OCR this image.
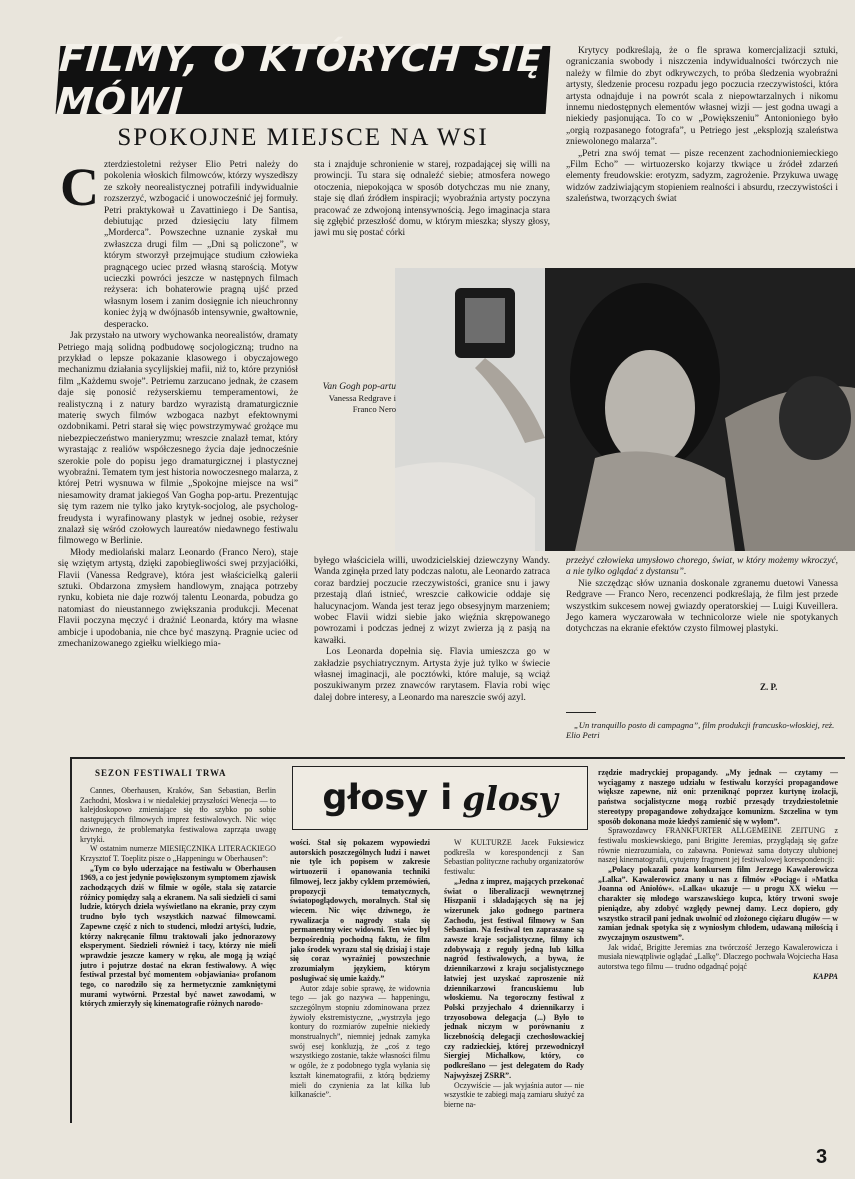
FILMY, O KTÓRYCH SIĘ MÓWI
SPOKOJNE MIEJSCE NA WSI
C zterdziestoletni reżyser Elio Petri należy do pokolenia włoskich filmowców, którzy wyszedłszy ze szkoły neorealistycznej potrafili indywidualnie rozszerzyć, wzbogacić i unowocześnić jej formuły. Petri praktykował u Zavattiniego i De Santisa, debiutując przed dziesięciu laty filmem „Morderca”. Powszechne uznanie zyskał mu zwłaszcza drugi film — „Dni są policzone”, w którym stworzył przejmujące studium człowieka pragnącego uciec przed własną starością. Motyw ucieczki powróci jeszcze w następnych filmach reżysera: ich bohaterowie pragną ujść przed własnym losem i zanim dosięgnie ich nieuchronny koniec żyją w dwójnasób intensywnie, gwałtownie, desperacko.

Jak przystało na utwory wychowanka neorealistów, dramaty Petriego mają solidną podbudowę socjologiczną; trudno na przykład o lepsze pokazanie klasowego i obyczajowego mechanizmu działania sycylijskiej mafii, niż to, które przyniósł film „Każdemu swoje”. Petriemu zarzucano jednak, że czasem daje się ponosić reżyserskiemu temperamentowi, że realistyczną i z natury bardzo wyrazistą dramaturgicznie materię swych filmów wzbogaca nazbyt efektownymi ozdobnikami. Petri starał się więc powstrzymywać grożące mu niebezpieczeństwo manieryzmu; wreszcie znalazł temat, który wyrastając z realiów współczesnego życia daje jednocześnie szerokie pole do popisu jego dramaturgicznej i plastycznej wyobraźni. Tematem tym jest historia nowoczesnego malarza, z której Petri wysnuwa w filmie „Spokojne miejsce na wsi” niesamowity dramat jakiegoś Van Gogha pop-artu. Prezentując się tym razem nie tylko jako krytyk-socjolog, ale psycholog-freudysta i wyrafinowany plastyk w jednej osobie, reżyser znalazł się wśród czołowych laureatów niedawnego festiwalu filmowego w Berlinie.

Młody mediolański malarz Leonardo (Franco Nero), staje się wziętym artystą, dzięki zapobiegliwości swej przyjaciółki, Flavii (Vanessa Redgrave), która jest właścicielką galerii sztuki. Obdarzona zmysłem handlowym, znająca potrzeby rynku, kobieta nie daje rozwój talentu Leonarda, pobudza go natomiast do nieustannego zwiększania produkcji. Mecenat Flavii poczyna męczyć i drażnić Leonarda, który ma własne ambicje i upodobania, nie chce być maszyną. Pragnie uciec od zmechanizowanego zgiełku wielkiego mia-

sta i znajduje schronienie w starej, rozpadającej się willi na prowincji. Tu stara się odnaleźć siebie; atmosfera nowego otoczenia, niepokojąca w sposób dotychczas mu nie znany, staje się dlań źródłem inspiracji; wyobraźnia artysty poczyna pracować ze zdwojoną intensywnością. Jego imaginacja stara się zgłębić przeszłość domu, w którym mieszka; słyszy głosy, jawi mu się postać córki

Krytycy podkreślają, że o fle sprawa komercjalizacji sztuki, ograniczania swobody i niszczenia indywidualności twórczych nie należy w filmie do zbyt odkrywczych, to próba śledzenia wyobraźni artysty, śledzenie procesu rozpadu jego poczucia rzeczywistości, która artysta odnajduje i na powrót scala z niepowtarzalnych i nikomu innemu niedostępnych elementów własnej wizji — jest godna uwagi a niekiedy pasjonująca. To co w „Powiększeniu” Antonioniego było „orgią rozpasanego fotografa”, u Petriego jest „eksplozją szaleństwa zniewolonego malarza”.

„Petri zna swój temat — pisze recenzent zachodnioniemieckiego „Film Echo” — wirtuozersko kojarzy tkwiące u źródeł zdarzeń elementy freudowskie: erotyzm, sadyzm, zagrożenie. Przykuwa uwagę widzów zadziwiającym stopieniem realności i absurdu, rzeczywistości i szaleństwa, tworzących świat

Van Gogh pop-artu
Vanessa Redgrave i Franco Nero

byłego właściciela willi, uwodzicielskiej dziewczyny Wandy. Wanda zginęła przed laty podczas nalotu, ale Leonardo zatraca coraz bardziej poczucie rzeczywistości, granice snu i jawy przestają dlań istnieć, wreszcie całkowicie oddaje się halucynacjom. Wanda jest teraz jego obsesyjnym marzeniem; wobec Flavii widzi siebie jako więźnia skrępowanego powrozami i podczas jednej z wizyt zwierza ją z pasją na kawałki.

Los Leonarda dopełnia się. Flavia umieszcza go w zakładzie psychiatrycznym. Artysta żyje już tylko w świecie własnej imaginacji, ale pocztówki, które maluje, są wciąż poszukiwanym przez znawców rarytasem. Flavia robi więc dalej dobre interesy, a Leonardo ma nareszcie swój azyl.

przeżyć człowieka umysłowo chorego, świat, w który możemy wkroczyć, a nie tylko oglądać z dystansu”.

Nie szczędząc słów uznania doskonale zgranemu duetowi Vanessa Redgrave — Franco Nero, recenzenci podkreślają, że film jest przede wszystkim sukcesem nowej gwiazdy operatorskiej — Luigi Kuveillera. Jego kamera wyczarowała w technicolorze wiele nie spotykanych dotychczas na ekranie efektów czysto filmowej plastyki.

Z. P.
„Un tranquillo posto di campagna”, film produkcji francusko-włoskiej, reż. Elio Petri
SEZON FESTIWALI TRWA
głosy i glosy

Cannes, Oberhausen, Kraków, San Sebastian, Berlin Zachodni, Moskwa i w niedalekiej przyszłości Wenecja — to kalejdoskopowo zmieniające się tło szybko po sobie następujących filmowych imprez festiwalowych. Nic więc dziwnego, że problematyka festiwalowa zaprząta uwagę krytyki.

W ostatnim numerze MIESIĘCZNIKA LITERACKIEGO Krzysztof T. Toeplitz pisze o „Happeningu w Oberhausen”:

„Tym co było uderzające na festiwalu w Oberhausen 1969, a co jest jedynie powiększonym symptomem zjawisk zachodzących dziś w filmie w ogóle, stała się zatarcie różnicy pomiędzy salą a ekranem. Na sali siedzieli ci sami ludzie, których dzieła wyświetlano na ekranie, przy czym trudno było tych wszystkich nazwać filmowcami. Zapewne część z nich to studenci, młodzi artyści, ludzie, którzy nakręcanie filmu traktowali jako jednorazowy eksperyment. Siedzieli również i tacy, którzy nie mieli wprawdzie jeszcze kamery w ręku, ale mogą ją wziąć jutro i pojutrze dostać na ekran festiwalowy. A więc festiwal przestał być momentem »objawiania« profanom tego, co narodziło się za hermetycznie zamkniętymi murami wytwórni. Przestał być nawet zawodami, w których zmierzyły się kinematografie różnych narodo-

wości. Stał się pokazem wypowiedzi autorskich poszczególnych ludzi i nawet nie tyle ich popisem w zakresie wirtuozerii i opanowania techniki filmowej, lecz jakby cyklem przemówień, propozycji tematycznych, światopoglądowych, moralnych. Stał się wiecem. Nic więc dziwnego, że rywalizacja o nagrody stała się permanentny wiec widowni. Ten wiec był bezpośrednią pochodną faktu, że film jako środek wyrazu stał się dzisiaj i staje się coraz wyraźniej powszechnie zrozumiałym językiem, którym posługiwać się umie każdy.”

Autor zdaje sobie sprawę, że widownia tego — jak go nazywa — happeningu, szczególnym stopniu zdominowana przez żywioły ekstremistyczne, „wystrzyła jego kontury do rozmiarów zupełnie niekiedy monstrualnych”, niemniej jednak zamyka swój esej konkluzją, że „coś z tego wszystkiego zostanie, także własności filmu w ogóle, że z podobnego tygla wyłania się kształt kinematografii, z którą będziemy mieli do czynienia za lat kilka lub kilkanaście”.

W KULTURZE Jacek Fuksiewicz podkreśla w korespondencji z San Sebastian polityczne rachuby organizatorów festiwalu:

„Jedna z imprez, mających przekonać świat o liberalizacji wewnętrznej Hiszpanii i składających się na jej wizerunek jako godnego partnera Zachodu, jest festiwal filmowy w San Sebastian. Na festiwal ten zapraszane są zawsze kraje socjalistyczne, filmy ich zdobywają z reguły jedną lub kilka nagród festiwalowych, a bywa, że dziennikarzowi z kraju socjalistycznego łatwiej jest uzyskać zaproszenie niż dziennikarzowi francuskiemu lub włoskiemu. Na tegoroczny festiwal z Polski przyjechało 4 dziennikarzy i trzyosobowa delegacja (...) Było to jednak niczym w porównaniu z liczebnością delegacji czechosłowackiej czy radzieckiej, której przewodniczył Siergiej Michałkow, który, co podkreślano — jest delegatem do Rady Najwyższej ZSRR”.

Oczywiście — jak wyjaśnia autor — nie wszystkie te zabiegi mają zamiaru służyć za bierne na-

rzędzie madryckiej propagandy. „My jednak — czytamy — wyciągamy z naszego udziału w festiwalu korzyści propagandowe większe zapewne, niż oni: przeniknąć poprzez kurtynę izolacji, państwa socjalistyczne mogą rozbić przesądy trzydziestoletnie stereotypy propagandowe zohydzające komunizm. Szczelina w tym sposób dokonana może kiedyś zamienić się w wyłom”.

Sprawozdawcy FRANKFURTER ALLGEMEINE ZEITUNG z festiwalu moskiewskiego, pani Brigitte Jeremias, przyglądają się gafze równie niezrozumiała, co zabawna. Ponieważ sama dotyczy ulubionej naszej kinematografii, cytujemy fragment jej festiwalowej korespondencji:

„Polacy pokazali poza konkursem film Jerzego Kawalerowicza „Lalka”. Kawalerowicz znany u nas z filmów »Pociąg« i »Matka Joanna od Aniołów«. »Lalka« ukazuje — u progu XX wieku — charakter się młodego warszawskiego kupca, który trwoni swoje pieniądze, aby zdobyć względy pewnej damy. Lecz dopiero, gdy wszystko stracił pani jednak uwolnić od złożonego ciężaru długów — w zamian jednak spotyka się z wyniosłym chłodem, udawaną miłością i zwyczajnym oszustwem”.

Jak widać, Brigitte Jeremias zna twórczość Jerzego Kawalerowicza i musiała niewątpliwie oglądać „Lalkę”. Dlaczego pochwała Wojciecha Hasa autorstwa tego filmu — trudno odgadnąć pojąć

KAPPA
3
